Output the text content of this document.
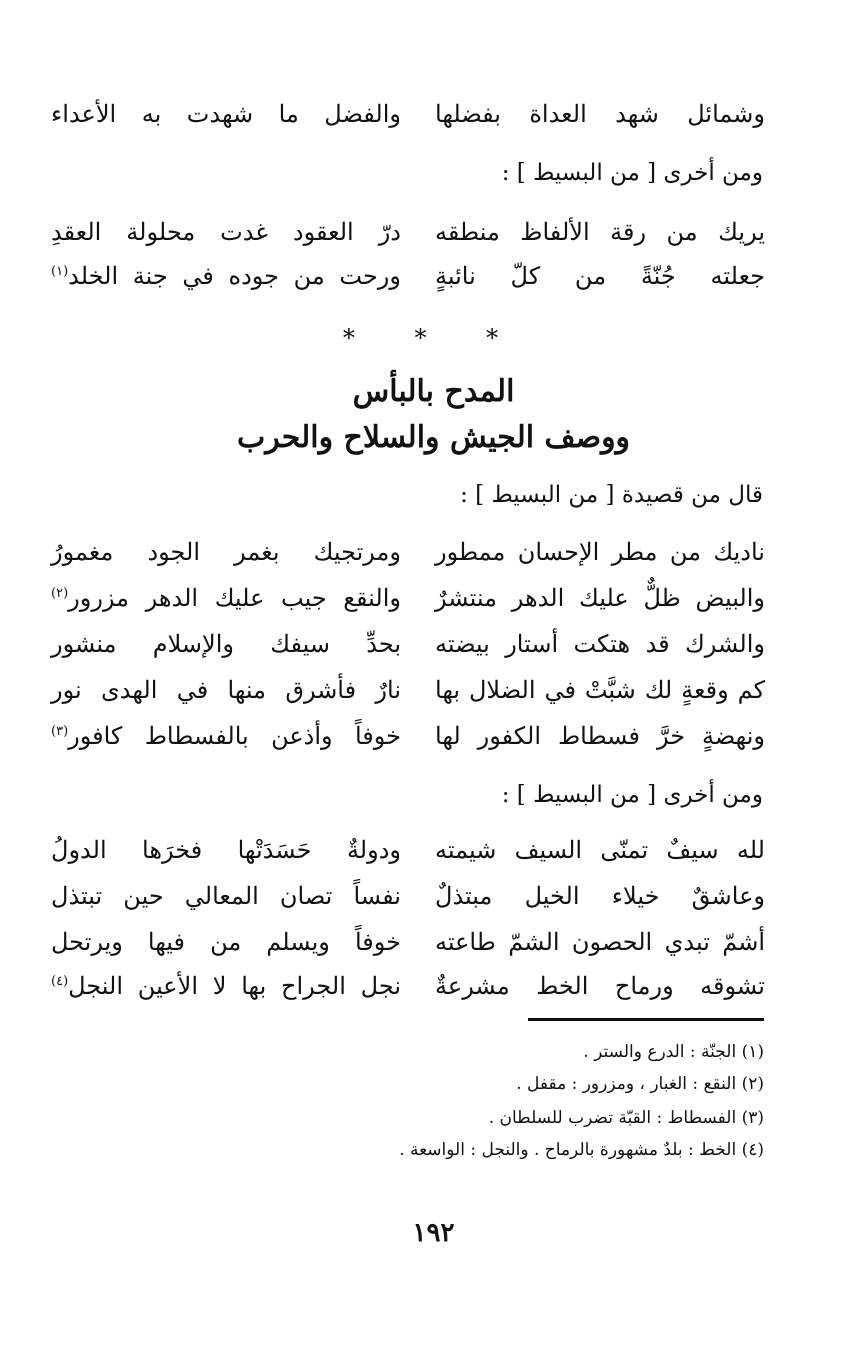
وشمائل شهد العداة بفضلها
والفضل ما شهدت به الأعداء
ومن أخرى [ من البسيط ] :
يريك من رقة الألفاظ منطقه
درّ العقود غدت محلولة العقدِ
جعلته جُنّةً من كلّ نائبةٍ
ورحت من جوده في جنة الخلد$^{(١)}$
* * *
المدح بالبأس
ووصف الجيش والسلاح والحرب
قال من قصيدة [ من البسيط ] :
ناديك من مطر الإحسان ممطور
ومرتجيك بغمر الجود مغمورُ
والبيض ظلٌّ عليك الدهر منتشرٌ
والنقع جيب عليك الدهر مزرور$^{(٢)}$
والشرك قد هتكت أستار بيضته
بحدِّ سيفك والإسلام منشور
كم وقعةٍ لك شبَّتْ في الضلال بها
نارٌ فأشرق منها في الهدى نور
ونهضةٍ خرَّ فسطاط الكفور لها
خوفاً وأذعن بالفسطاط كافور$^{(٣)}$
ومن أخرى [ من البسيط ] :
لله سيفٌ تمنّى السيف شيمته
ودولةٌ حَسَدَتْها فخرَها الدولُ
وعاشقٌ خيلاء الخيل مبتذلٌ
نفساً تصان المعالي حين تبتذل
أشمّ تبدي الحصون الشمّ طاعته
خوفاً ويسلم من فيها ويرتحل
تشوقه ورماح الخط مشرعةٌ
نجل الجراح بها لا الأعين النجل$^{(٤)}$
(١) الجنّة : الدرع والستر .
(٢) النقع : الغبار ، ومزرور : مقفل .
(٣) الفسطاط : القبّة تضرب للسلطان .
(٤) الخط : بلدٌ مشهورة بالرماح . والنجل : الواسعة .
١٩٢
